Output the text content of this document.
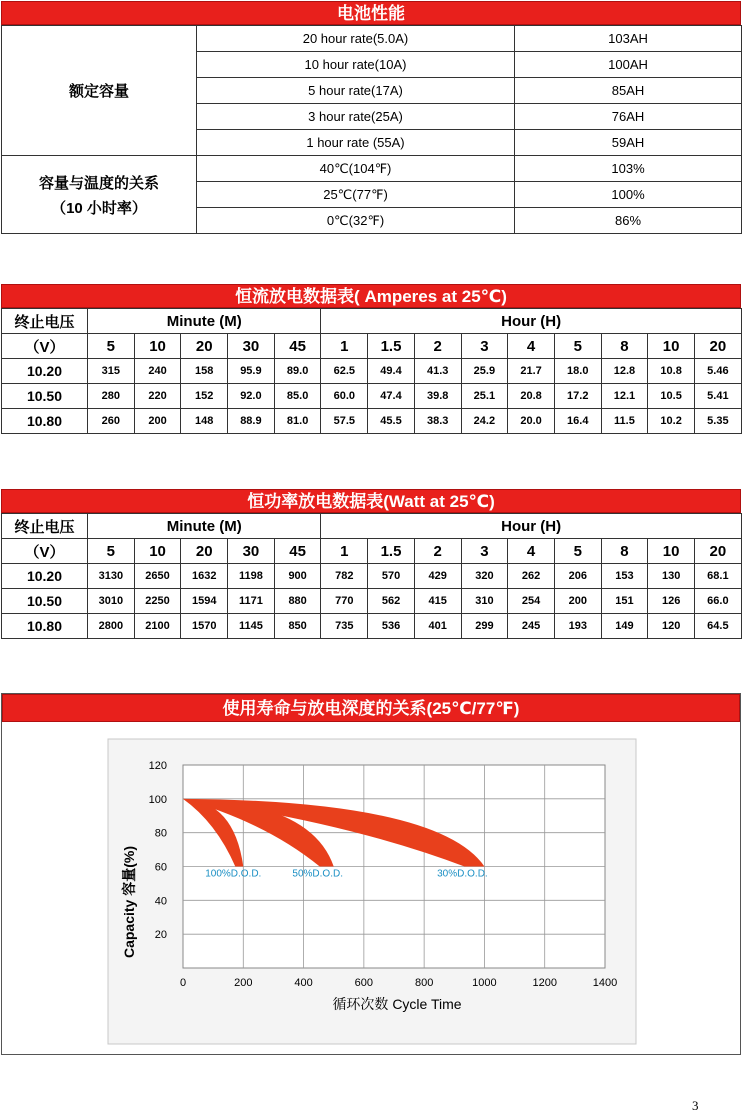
电池性能
额定容量	20 hour rate(5.0A)	103AH
	10 hour rate(10A)	100AH
	5 hour rate(17A)	85AH
	3 hour rate(25A)	76AH
	1 hour rate (55A)	59AH

容量与温度的关系
（10 小时率）	40℃(104℉)	103%
	25℃(77℉)	100%
	0℃(32℉)	86%
恒流放电数据表( Amperes at 25℃)
终止电压	Minute (M)					Hour (H)								
（V）	5	10	20	30	45	1	1.5	2	3	4	5	8	10	20
10.20	315	240	158	95.9	89.0	62.5	49.4	41.3	25.9	21.7	18.0	12.8	10.8	5.46
10.50	280	220	152	92.0	85.0	60.0	47.4	39.8	25.1	20.8	17.2	12.1	10.5	5.41
10.80	260	200	148	88.9	81.0	57.5	45.5	38.3	24.2	20.0	16.4	11.5	10.2	5.35
恒功率放电数据表(Watt at 25℃)
终止电压	Minute (M)					Hour (H)								
（V）	5	10	20	30	45	1	1.5	2	3	4	5	8	10	20
10.20	3130	2650	1632	1198	900	782	570	429	320	262	206	153	130	68.1
10.50	3010	2250	1594	1171	880	770	562	415	310	254	200	151	126	66.0
10.80	2800	2100	1570	1145	850	735	536	401	299	245	193	149	120	64.5
使用寿命与放电深度的关系(25℃/77℉)
100%D.O.D.	50%D.O.D.	30%D.O.D.
0	200	400	600	800	1000	1200	1400
20
40
60
80
100
120
循环次数 Cycle Time
Capacity 容量(%)
3
